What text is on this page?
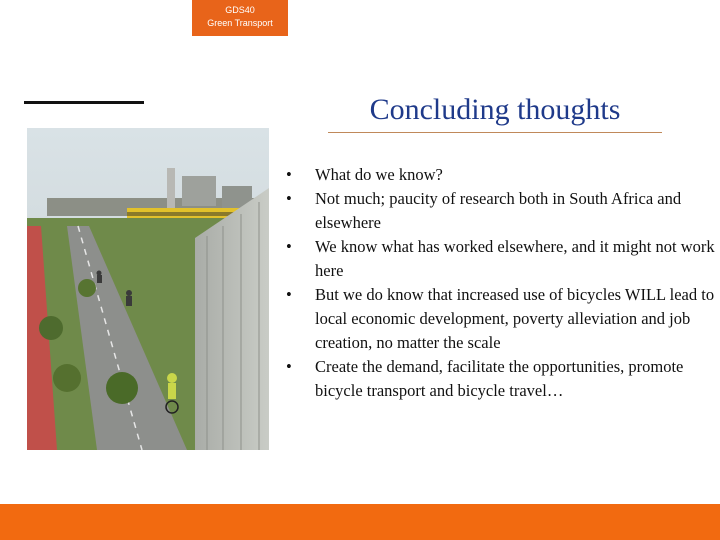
GDS40
Green Transport
Concluding thoughts
• What do we know?
• Not much; paucity of research both in South Africa and elsewhere
• We know what has worked elsewhere, and it might not work here
• But we do know that increased use of bicycles WILL lead to local economic development, poverty alleviation and job creation, no matter the scale
• Create the demand, facilitate the opportunities, promote bicycle transport and bicycle travel…
